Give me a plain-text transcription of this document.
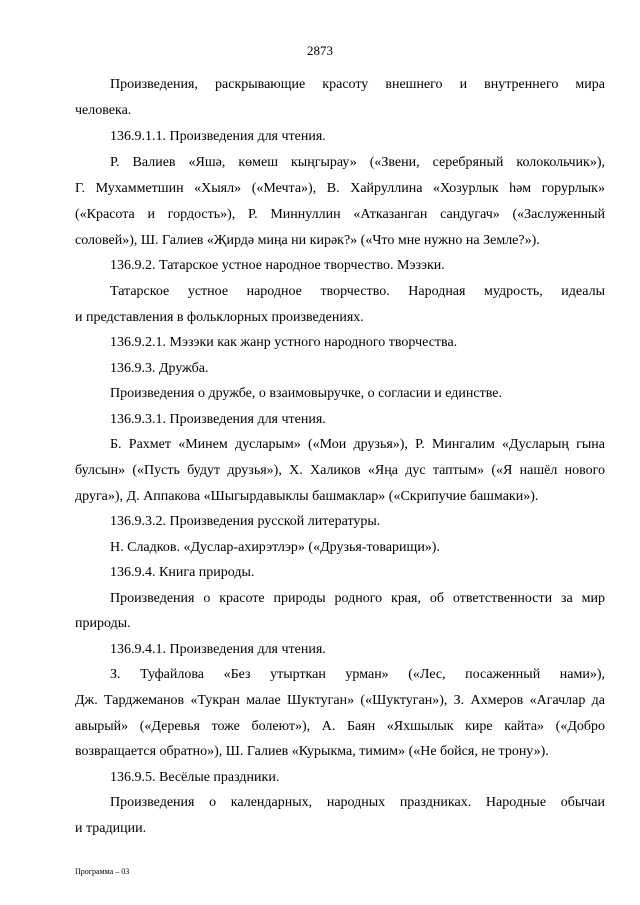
2873
Произведения, раскрывающие красоту внешнего и внутреннего мира
человека.
136.9.1.1. Произведения для чтения.
Р. Валиев «Яшә, көмеш кыңгырау» («Звени, серебряный колокольчик»),
Г. Мухамметшин «Хыял» («Мечта»), В. Хайруллина «Хозурлык һәм горурлык»
(«Красота и гордость»), Р. Миннуллин «Атказанган сандугач» («Заслуженный
соловей»), Ш. Галиев «Җирдә миңа ни кирәк?» («Что мне нужно на Земле?»).
136.9.2. Татарское устное народное творчество. Мэзэки.
Татарское устное народное творчество. Народная мудрость, идеалы
и представления в фольклорных произведениях.
136.9.2.1. Мэзэки как жанр устного народного творчества.
136.9.3. Дружба.
Произведения о дружбе, о взаимовыручке, о согласии и единстве.
136.9.3.1. Произведения для чтения.
Б. Рахмет «Минем дусларым» («Мои друзья»), Р. Мингалим «Дусларың гына
булсын» («Пусть будут друзья»), Х. Халиков «Яңа дус таптым» («Я нашёл нового
друга»), Д. Аппакова «Шыгырдавыклы башмаклар» («Скрипучие башмаки»).
136.9.3.2. Произведения русской литературы.
Н. Сладков. «Дуслар-ахирэтлэр» («Друзья-товарищи»).
136.9.4. Книга природы.
Произведения о красоте природы родного края, об ответственности за мир
природы.
136.9.4.1. Произведения для чтения.
З. Туфайлова «Без утырткан урман» («Лес, посаженный нами»),
Дж. Тарджеманов «Тукран малае Шуктуган» («Шуктуган»), З. Ахмеров «Агачлар да
авырый» («Деревья тоже болеют»), А. Баян «Яхшылык кире кайта» («Добро
возвращается обратно»), Ш. Галиев «Курыкма, тимим» («Не бойся, не трону»).
136.9.5. Весёлые праздники.
Произведения о календарных, народных праздниках. Народные обычаи
и традиции.
Программа – 03
